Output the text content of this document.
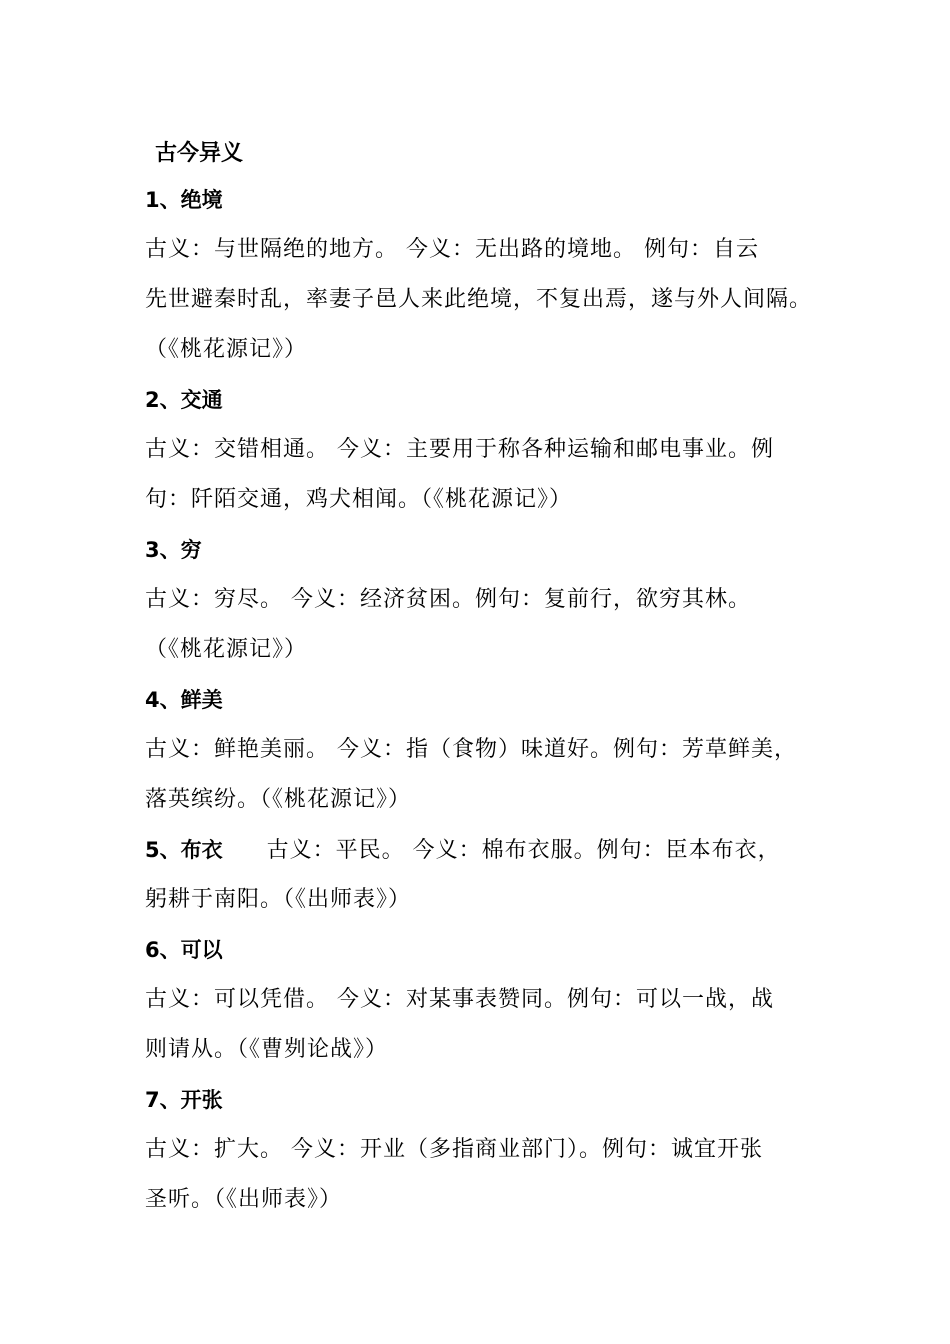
古今异义
1、绝境
古义：与世隔绝的地方。 今义：无出路的境地。 例句：自云
先世避秦时乱，率妻子邑人来此绝境，不复出焉，遂与外人间隔。
（《桃花源记》）
2、交通
古义：交错相通。 今义：主要用于称各种运输和邮电事业。例
句：阡陌交通，鸡犬相闻。（《桃花源记》）
3、穷
古义：穷尽。 今义：经济贫困。例句：复前行，欲穷其林。
（《桃花源记》）
4、鲜美
古义：鲜艳美丽。 今义：指（食物）味道好。例句：芳草鲜美，
落英缤纷。（《桃花源记》）
5、布衣 古义：平民。 今义：棉布衣服。例句：臣本布衣，
躬耕于南阳。（《出师表》）
6、可以
古义：可以凭借。 今义：对某事表赞同。例句：可以一战，战
则请从。（《曹刿论战》）
7、开张
古义：扩大。 今义：开业（多指商业部门）。例句：诚宜开张
圣听。（《出师表》）
